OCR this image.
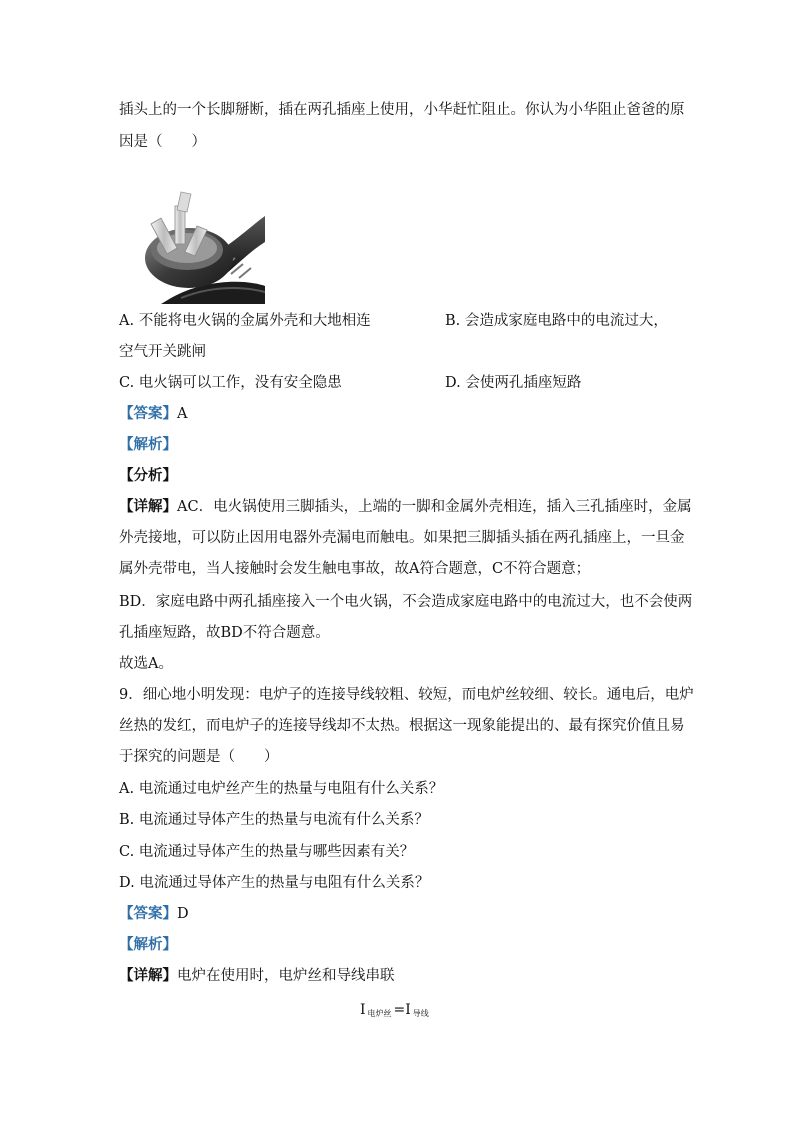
插头上的一个长脚掰断，插在两孔插座上使用，小华赶忙阻止。你认为小华阻止爸爸的原
因是（　　）
A. 不能将电火锅的金属外壳和大地相连	B. 会造成家庭电路中的电流过大，
空气开关跳闸
C. 电火锅可以工作，没有安全隐患	D. 会使两孔插座短路
【答案】A
【解析】
【分析】
【详解】AC．电火锅使用三脚插头，上端的一脚和金属外壳相连，插入三孔插座时，金属
外壳接地，可以防止因用电器外壳漏电而触电。如果把三脚插头插在两孔插座上，一旦金
属外壳带电，当人接触时会发生触电事故，故A符合题意，C不符合题意；
BD．家庭电路中两孔插座接入一个电火锅，不会造成家庭电路中的电流过大，也不会使两
孔插座短路，故BD不符合题意。
故选A。
9．细心地小明发现：电炉子的连接导线较粗、较短，而电炉丝较细、较长。通电后，电炉
丝热的发红，而电炉子的连接导线却不太热。根据这一现象能提出的、最有探究价值且易
于探究的问题是（　　）
A. 电流通过电炉丝产生的热量与电阻有什么关系？
B. 电流通过导体产生的热量与电流有什么关系？
C. 电流通过导体产生的热量与哪些因素有关？
D. 电流通过导体产生的热量与电阻有什么关系？
【答案】D
【解析】
【详解】电炉在使用时，电炉丝和导线串联
I $_{电炉丝}$ =I $_{导线}$
